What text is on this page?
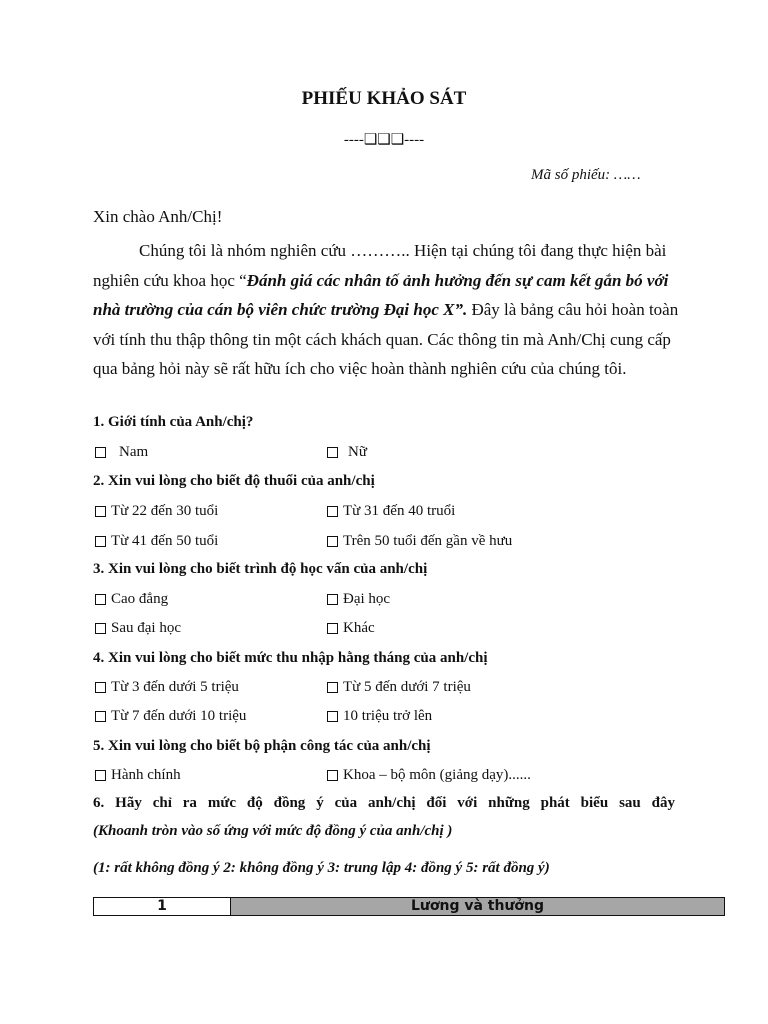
PHIẾU KHẢO SÁT
----❑❑❑----
Mã số phiếu: ……
Xin chào Anh/Chị!
Chúng tôi là nhóm nghiên cứu ……….. Hiện tại chúng tôi đang thực hiện bài nghiên cứu khoa học “Đánh giá các nhân tố ảnh hưởng đến sự cam kết gắn bó với nhà trường của cán bộ viên chức trường Đại học X”. Đây là bảng câu hỏi hoàn toàn với tính thu thập thông tin một cách khách quan. Các thông tin mà Anh/Chị cung cấp qua bảng hỏi này sẽ rất hữu ích cho việc hoàn thành nghiên cứu của chúng tôi.
1. Giới tính của Anh/chị?
Nam	Nữ
2. Xin vui lòng cho biết độ thuổi của anh/chị
Từ 22 đến 30 tuổi	Từ 31 đến 40 truổi
Từ 41 đến 50 tuổi	Trên 50 tuổi đến gần về hưu
3. Xin vui lòng cho biết trình độ học vấn của anh/chị
Cao đẳng	Đại học
Sau đại học	Khác
4. Xin vui lòng cho biết mức thu nhập hằng tháng của anh/chị
Từ 3 đến dưới 5 triệu	Từ 5 đến dưới 7 triệu
Từ 7 đến dưới 10 triệu	10 triệu trở lên
5. Xin vui lòng cho biết bộ phận công tác của anh/chị
Hành chính	Khoa – bộ môn (giảng dạy)......
6. Hãy chỉ ra mức độ đồng ý của anh/chị đối với những phát biểu sau đây
(Khoanh tròn vào số ứng với mức độ đồng ý của anh/chị )
(1: rất không đồng ý 2: không đồng ý 3: trung lập 4: đồng ý 5: rất đồng ý)
1	Lương và thưởng
